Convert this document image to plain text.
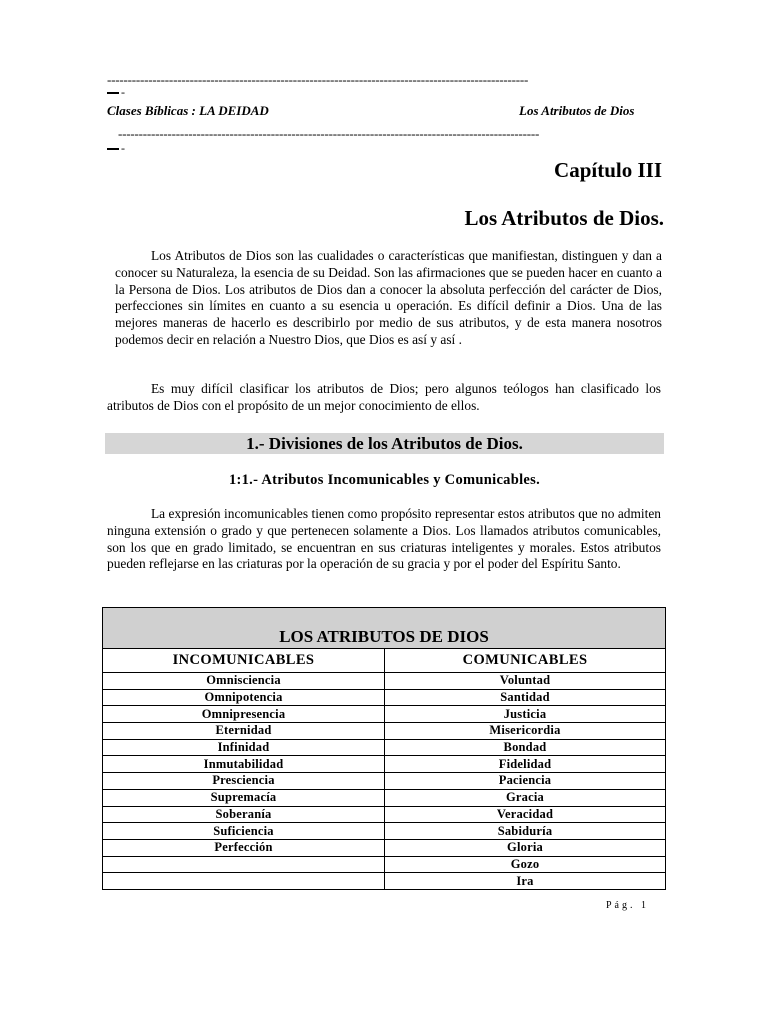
------------------------------------------------------------------------------------------------------
-
Clases Bíblicas : LA DEIDAD	Los Atributos de Dios
------------------------------------------------------------------------------------------------------
-
Capítulo III
Los Atributos de Dios.

Los Atributos de Dios son las cualidades o características que manifiestan, distinguen y dan a conocer su Naturaleza, la esencia de su Deidad. Son las afirmaciones que se pueden hacer en cuanto a la Persona de Dios. Los atributos de Dios dan a conocer la absoluta perfección del carácter de Dios, perfecciones sin límites en cuanto a su esencia u operación. Es difícil definir a Dios. Una de las mejores maneras de hacerlo es describirlo por medio de sus atributos, y de esta manera nosotros podemos decir en relación a Nuestro Dios, que Dios es así y así .

Es muy difícil clasificar los atributos de Dios; pero algunos teólogos han clasificado los atributos de Dios con el propósito de un mejor conocimiento de ellos.

1.- Divisiones de los Atributos de Dios.
1:1.- Atributos Incomunicables y Comunicables.

La expresión incomunicables tienen como propósito representar estos atributos que no admiten ninguna extensión o grado y que pertenecen solamente a Dios. Los llamados atributos comunicables, son los que en grado limitado, se encuentran en sus criaturas inteligentes y morales. Estos atributos pueden reflejarse en las criaturas por la operación de su gracia y por el poder del Espíritu Santo.

LOS ATRIBUTOS DE DIOS	
INCOMUNICABLES	COMUNICABLES
Omnisciencia	Voluntad
Omnipotencia	Santidad
Omnipresencia	Justicia
Eternidad	Misericordia
Infinidad	Bondad
Inmutabilidad	Fidelidad
Presciencia	Paciencia
Supremacía	Gracia
Soberanía	Veracidad
Suficiencia	Sabiduría
Perfección	Gloria
	Gozo
	Ira
Pág. 1
